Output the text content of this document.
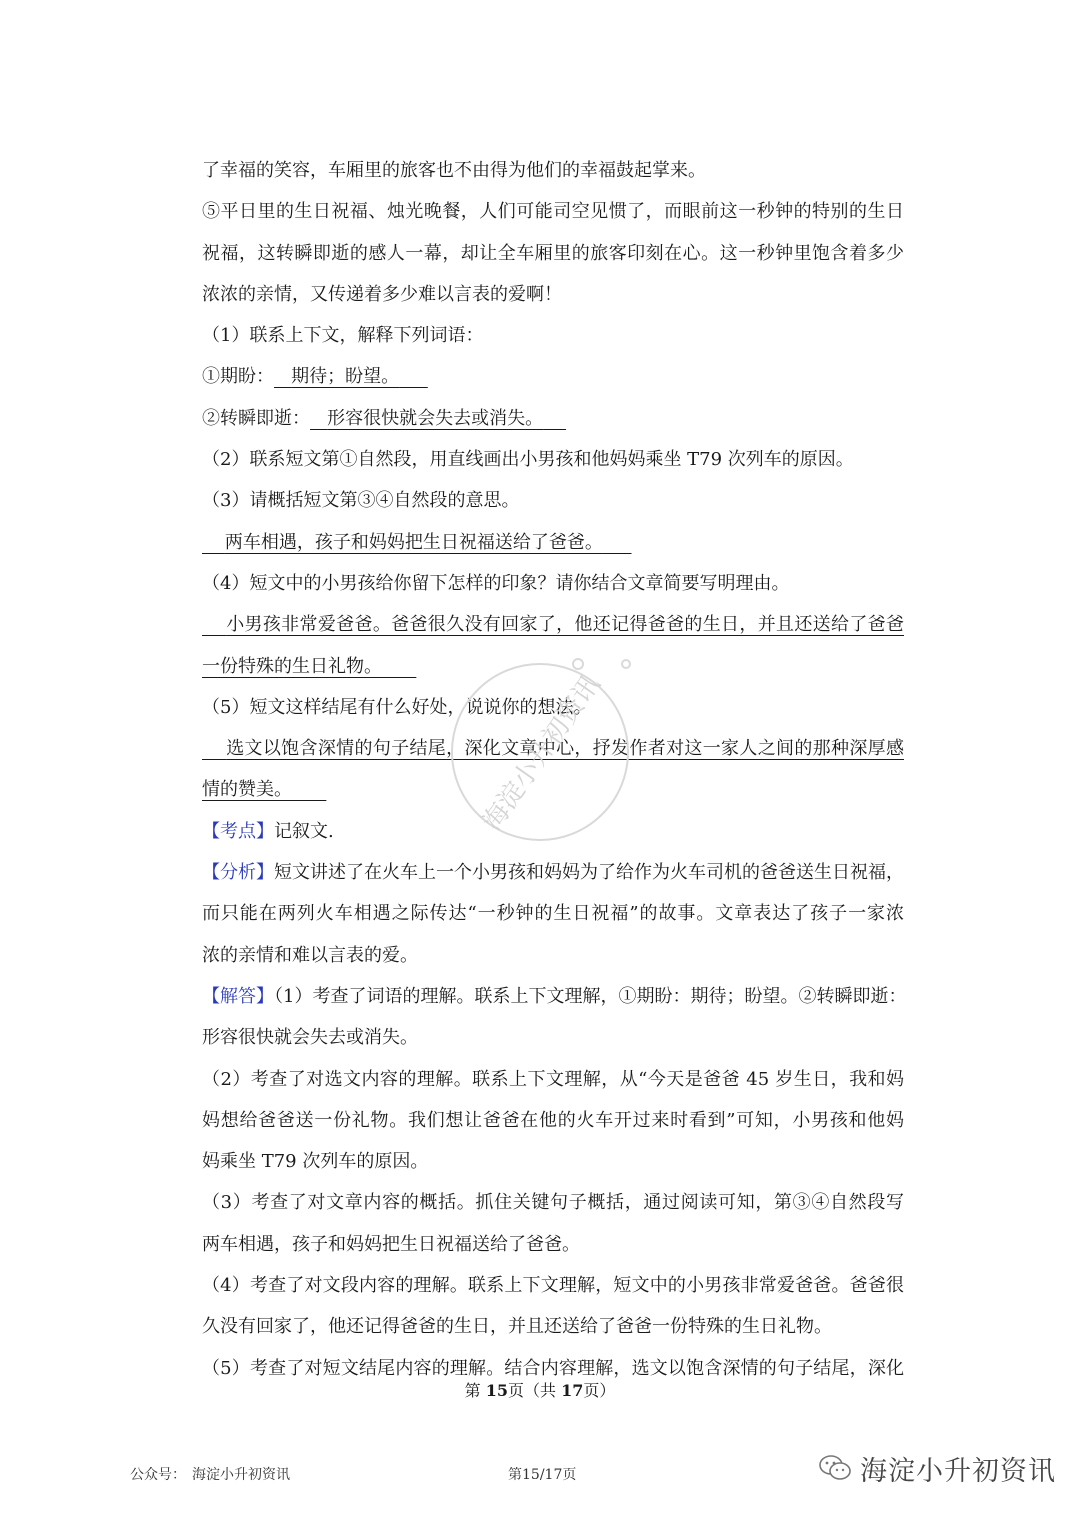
了幸福的笑容，车厢里的旅客也不由得为他们的幸福鼓起掌来。
⑤平日里的生日祝福、烛光晚餐，人们可能司空见惯了，而眼前这一秒钟的特别的生日
祝福，这转瞬即逝的感人一幕，却让全车厢里的旅客印刻在心。这一秒钟里饱含着多少
浓浓的亲情，又传递着多少难以言表的爱啊！
（1）联系上下文，解释下列词语：
①期盼： 期待；盼望。
②转瞬即逝： 形容很快就会失去或消失。
（2）联系短文第①自然段，用直线画出小男孩和他妈妈乘坐 T79 次列车的原因。
（3）请概括短文第③④自然段的意思。
两车相遇，孩子和妈妈把生日祝福送给了爸爸。
（4）短文中的小男孩给你留下怎样的印象？请你结合文章简要写明理由。
小男孩非常爱爸爸。爸爸很久没有回家了，他还记得爸爸的生日，并且还送给了爸爸
一份特殊的生日礼物。
（5）短文这样结尾有什么好处，说说你的想法。
选文以饱含深情的句子结尾，深化文章中心，抒发作者对这一家人之间的那种深厚感
情的赞美。
【考点】记叙文.
【分析】短文讲述了在火车上一个小男孩和妈妈为了给作为火车司机的爸爸送生日祝福，
而只能在两列火车相遇之际传达“一秒钟的生日祝福”的故事。文章表达了孩子一家浓
浓的亲情和难以言表的爱。
【解答】（1）考查了词语的理解。联系上下文理解，①期盼：期待；盼望。②转瞬即逝：
形容很快就会失去或消失。
（2）考查了对选文内容的理解。联系上下文理解，从“今天是爸爸 45 岁生日，我和妈
妈想给爸爸送一份礼物。我们想让爸爸在他的火车开过来时看到”可知，小男孩和他妈
妈乘坐 T79 次列车的原因。
（3）考查了对文章内容的概括。抓住关键句子概括，通过阅读可知，第③④自然段写
两车相遇，孩子和妈妈把生日祝福送给了爸爸。
（4）考查了对文段内容的理解。联系上下文理解，短文中的小男孩非常爱爸爸。爸爸很
久没有回家了，他还记得爸爸的生日，并且还送给了爸爸一份特殊的生日礼物。
（5）考查了对短文结尾内容的理解。结合内容理解，选文以饱含深情的句子结尾，深化
第 15页（共 17页）
海淀小升初资讯
公众号： 海淀小升初资讯	第15/17页	海淀小升初资讯
